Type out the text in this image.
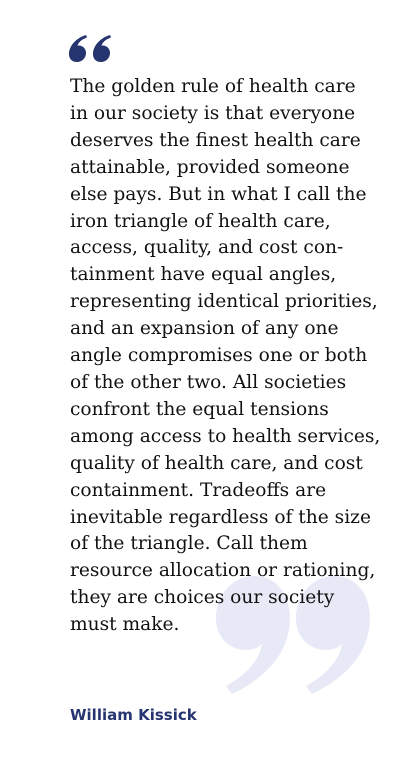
The golden rule of health care
in our society is that everyone
deserves the finest health care
attainable, provided someone
else pays. But in what I call the
iron triangle of health care,
access, quality, and cost con-
tainment have equal angles,
representing identical priorities,
and an expansion of any one
angle compromises one or both
of the other two. All societies
confront the equal tensions
among access to health services,
quality of health care, and cost
containment. Tradeoffs are
inevitable regardless of the size
of the triangle. Call them
resource allocation or rationing,
they are choices our society
must make.

William Kissick
